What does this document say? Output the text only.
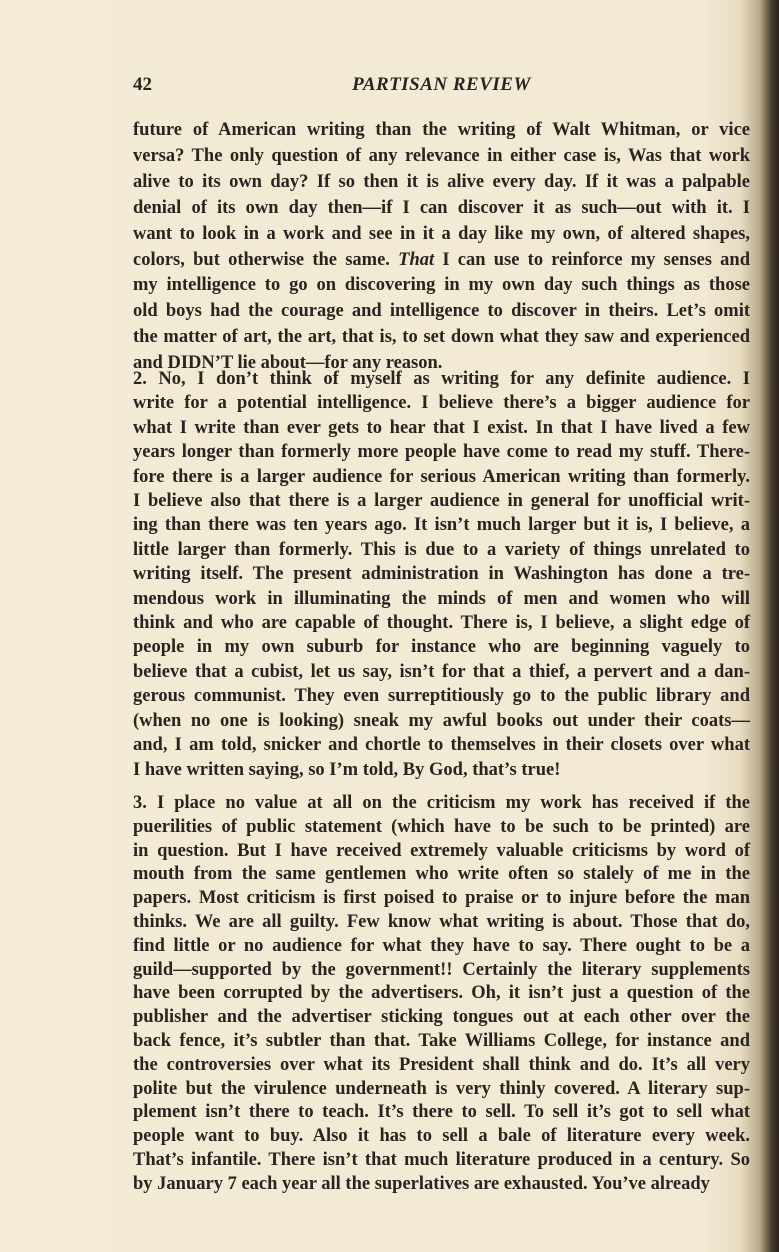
42	PARTISAN REVIEW
future of American writing than the writing of Walt Whitman, or vice
versa? The only question of any relevance in either case is, Was that work
alive to its own day? If so then it is alive every day. If it was a palpable
denial of its own day then—if I can discover it as such—out with it. I
want to look in a work and see in it a day like my own, of altered shapes,
colors, but otherwise the same. That I can use to reinforce my senses and
my intelligence to go on discovering in my own day such things as those
old boys had the courage and intelligence to discover in theirs. Let’s omit
the matter of art, the art, that is, to set down what they saw and experienced
and DIDN’T lie about—for any reason.
2. No, I don’t think of myself as writing for any definite audience. I
write for a potential intelligence. I believe there’s a bigger audience for
what I write than ever gets to hear that I exist. In that I have lived a few
years longer than formerly more people have come to read my stuff. There-
fore there is a larger audience for serious American writing than formerly.
I believe also that there is a larger audience in general for unofficial writ-
ing than there was ten years ago. It isn’t much larger but it is, I believe, a
little larger than formerly. This is due to a variety of things unrelated to
writing itself. The present administration in Washington has done a tre-
mendous work in illuminating the minds of men and women who will
think and who are capable of thought. There is, I believe, a slight edge of
people in my own suburb for instance who are beginning vaguely to
believe that a cubist, let us say, isn’t for that a thief, a pervert and a dan-
gerous communist. They even surreptitiously go to the public library and
(when no one is looking) sneak my awful books out under their coats—
and, I am told, snicker and chortle to themselves in their closets over what
I have written saying, so I’m told, By God, that’s true!
3. I place no value at all on the criticism my work has received if the
puerilities of public statement (which have to be such to be printed) are
in question. But I have received extremely valuable criticisms by word of
mouth from the same gentlemen who write often so stalely of me in the
papers. Most criticism is first poised to praise or to injure before the man
thinks. We are all guilty. Few know what writing is about. Those that do,
find little or no audience for what they have to say. There ought to be a
guild—supported by the government!! Certainly the literary supplements
have been corrupted by the advertisers. Oh, it isn’t just a question of the
publisher and the advertiser sticking tongues out at each other over the
back fence, it’s subtler than that. Take Williams College, for instance and
the controversies over what its President shall think and do. It’s all very
polite but the virulence underneath is very thinly covered. A literary sup-
plement isn’t there to teach. It’s there to sell. To sell it’s got to sell what
people want to buy. Also it has to sell a bale of literature every week.
That’s infantile. There isn’t that much literature produced in a century. So
by January 7 each year all the superlatives are exhausted. You’ve already
